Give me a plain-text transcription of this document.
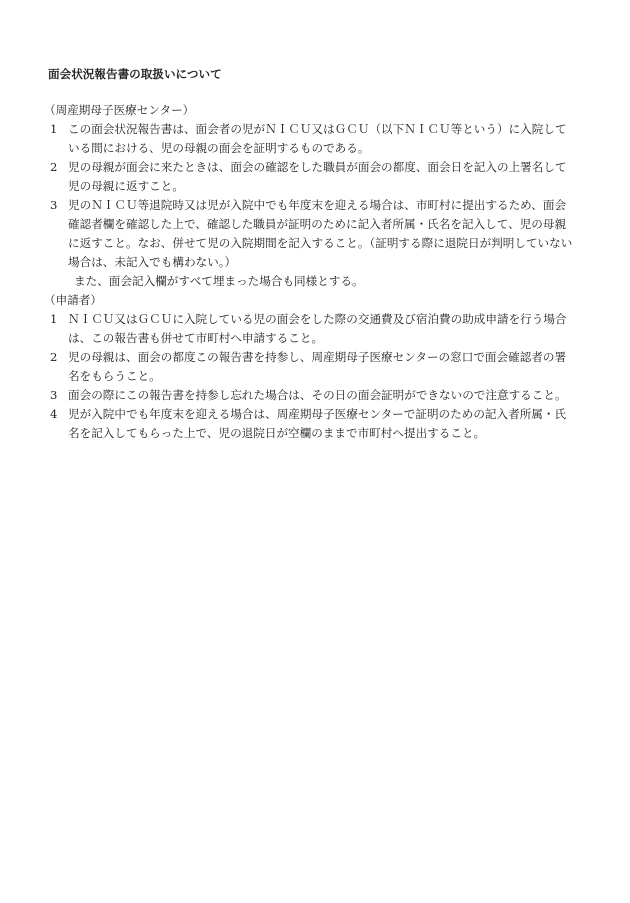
面会状況報告書の取扱いについて
（周産期母子医療センター）
1 この面会状況報告書は、面会者の児がＮＩＣＵ又はＧＣＵ（以下ＮＩＣＵ等という）に入院して
いる間における、児の母親の面会を証明するものである。
2 児の母親が面会に来たときは、面会の確認をした職員が面会の都度、面会日を記入の上署名して
児の母親に返すこと。
3 児のＮＩＣＵ等退院時又は児が入院中でも年度末を迎える場合は、市町村に提出するため、面会
確認者欄を確認した上で、確認した職員が証明のために記入者所属・氏名を記入して、児の母親
に返すこと。なお、併せて児の入院期間を記入すること。（証明する際に退院日が判明していない
場合は、未記入でも構わない。）
また、面会記入欄がすべて埋まった場合も同様とする。
（申請者）
1 ＮＩＣＵ又はＧＣＵに入院している児の面会をした際の交通費及び宿泊費の助成申請を行う場合
は、この報告書も併せて市町村へ申請すること。
2 児の母親は、面会の都度この報告書を持参し、周産期母子医療センターの窓口で面会確認者の署
名をもらうこと。
3 面会の際にこの報告書を持参し忘れた場合は、その日の面会証明ができないので注意すること。
4 児が入院中でも年度末を迎える場合は、周産期母子医療センターで証明のための記入者所属・氏
名を記入してもらった上で、児の退院日が空欄のままで市町村へ提出すること。
